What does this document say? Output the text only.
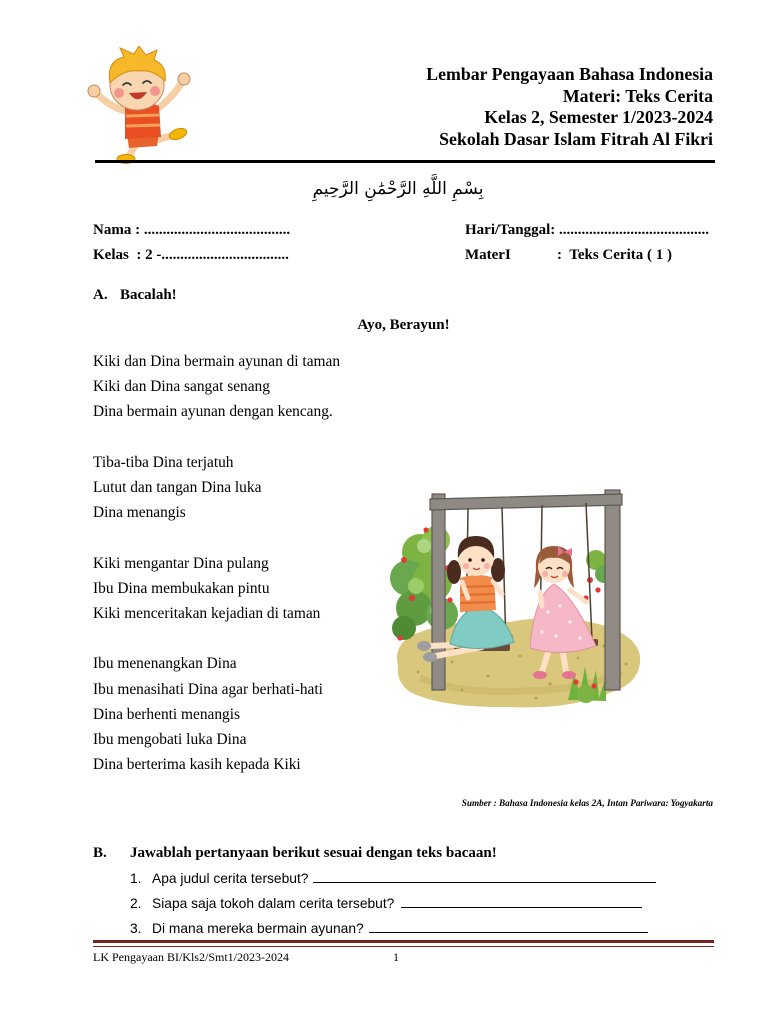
Lembar Pengayaan Bahasa Indonesia
Materi: Teks Cerita
Kelas 2, Semester 1/2023-2024
Sekolah Dasar Islam Fitrah Al Fikri
بِسْمِ اللَّهِ الرَّحْمَٰنِ الرَّحِيمِ
Nama : .......................................	Hari/Tanggal: ........................................
Kelas  : 2 -..................................	MaterI	:  Teks Cerita ( 1 )
A. Bacalah!
Ayo, Berayun!
Kiki dan Dina bermain ayunan di taman
Kiki dan Dina sangat senang
Dina bermain ayunan dengan kencang.
Tiba-tiba Dina terjatuh
Lutut dan tangan Dina luka
Dina menangis
Kiki mengantar Dina pulang
Ibu Dina membukakan pintu
Kiki menceritakan kejadian di taman
Ibu menenangkan Dina
Ibu menasihati Dina agar berhati-hati
Dina berhenti menangis
Ibu mengobati luka Dina
Dina berterima kasih kepada Kiki
Sumber : Bahasa Indonesia kelas 2A, Intan Pariwara: Yogyakarta
B. Jawablah pertanyaan berikut sesuai dengan teks bacaan!
1. Apa judul cerita tersebut?
2. Siapa saja tokoh dalam cerita tersebut?
3. Di mana mereka bermain ayunan?
LK Pengayaan BI/Kls2/Smt1/2023-2024	1
